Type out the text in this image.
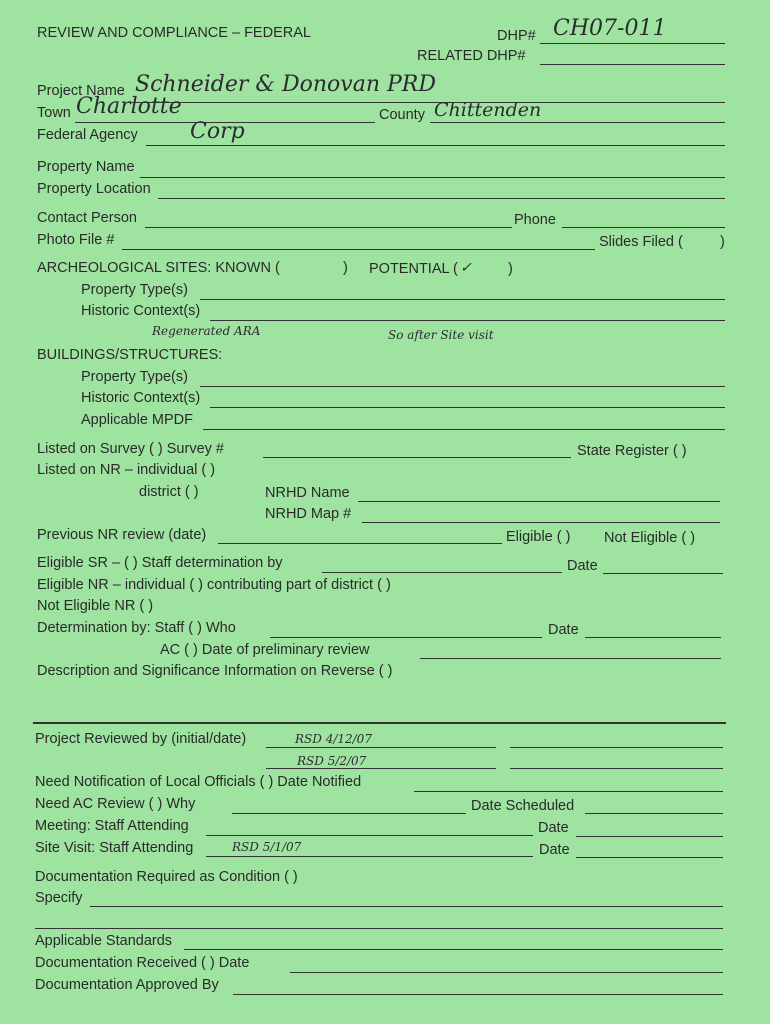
REVIEW AND COMPLIANCE – FEDERAL	DHP# CH07-011
RELATED DHP#
Project Name Schneider & Donovan PRD
Town Charlotte	County Chittenden
Federal Agency Corp
Property Name
Property Location
Contact Person	Phone
Photo File #	Slides Filed (	)
ARCHEOLOGICAL SITES: KNOWN (	) POTENTIAL ( ✓	)
Property Type(s)
Historic Context(s)
Regenerated ARA	So after Site visit
BUILDINGS/STRUCTURES:
Property Type(s)
Historic Context(s)
Applicable MPDF
Listed on Survey ( ) Survey #	State Register ( )
Listed on NR – individual ( )
district ( )	NRHD Name
NRHD Map #
Previous NR review (date)	Eligible ( ) Not Eligible ( )
Eligible SR – ( ) Staff determination by	Date
Eligible NR – individual ( ) contributing part of district ( )
Not Eligible NR ( )
Determination by: Staff ( ) Who	Date
AC ( ) Date of preliminary review
Description and Significance Information on Reverse ( )
Project Reviewed by (initial/date)	RSD 4/12/07
RSD 5/2/07
Need Notification of Local Officials ( ) Date Notified
Need AC Review ( ) Why	Date Scheduled
Meeting: Staff Attending	Date
Site Visit: Staff Attending	RSD 5/1/07	Date
Documentation Required as Condition ( )
Specify
Applicable Standards
Documentation Received ( ) Date
Documentation Approved By
